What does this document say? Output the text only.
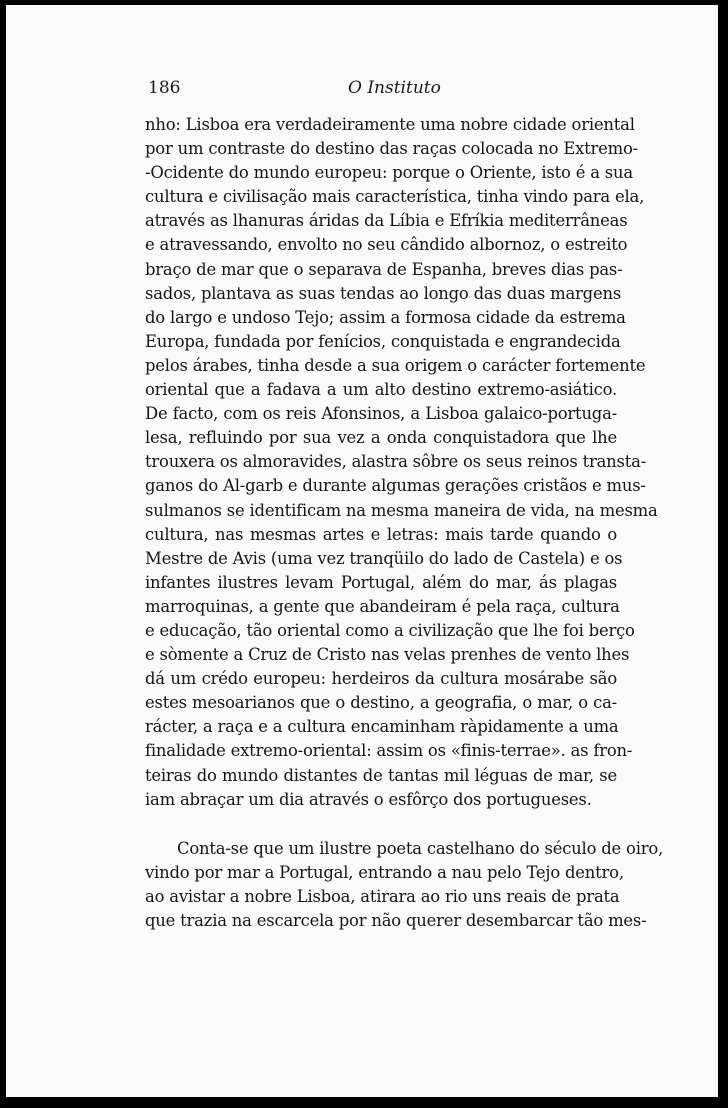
186	O Instituto
nho: Lisboa era verdadeiramente uma nobre cidade oriental
por um contraste do destino das raças colocada no Extremo-
-Ocidente do mundo europeu: porque o Oriente, isto é a sua
cultura e civilisação mais característica, tinha vindo para ela,
através as lhanuras áridas da Líbia e Efríkia mediterrâneas
e atravessando, envolto no seu cândido albornoz, o estreito
braço de mar que o separava de Espanha, breves dias pas-
sados, plantava as suas tendas ao longo das duas margens
do largo e undoso Tejo; assim a formosa cidade da estrema
Europa, fundada por fenícios, conquistada e engrandecida
pelos árabes, tinha desde a sua origem o carácter fortemente
oriental que a fadava a um alto destino extremo-asiático.
De facto, com os reis Afonsinos, a Lisboa galaico-portuga-
lesa, refluindo por sua vez a onda conquistadora que lhe
trouxera os almoravides, alastra sôbre os seus reinos transta-
ganos do Al-garb e durante algumas gerações cristãos e mus-
sulmanos se identificam na mesma maneira de vida, na mesma
cultura, nas mesmas artes e letras: mais tarde quando o
Mestre de Avis (uma vez tranqüilo do lado de Castela) e os
infantes ilustres levam Portugal, além do mar, ás plagas
marroquinas, a gente que abandeiram é pela raça, cultura
e educação, tão oriental como a civilização que lhe foi berço
e sòmente a Cruz de Cristo nas velas prenhes de vento lhes
dá um crédo europeu: herdeiros da cultura mosárabe são
estes mesoarianos que o destino, a geografia, o mar, o ca-
rácter, a raça e a cultura encaminham ràpidamente a uma
finalidade extremo-oriental: assim os «finis-terrae». as fron-
teiras do mundo distantes de tantas mil léguas de mar, se
iam abraçar um dia através o esfôrço dos portugueses.
Conta-se que um ilustre poeta castelhano do século de oiro,
vindo por mar a Portugal, entrando a nau pelo Tejo dentro,
ao avistar a nobre Lisboa, atirara ao rio uns reais de prata
que trazia na escarcela por não querer desembarcar tão mes-
